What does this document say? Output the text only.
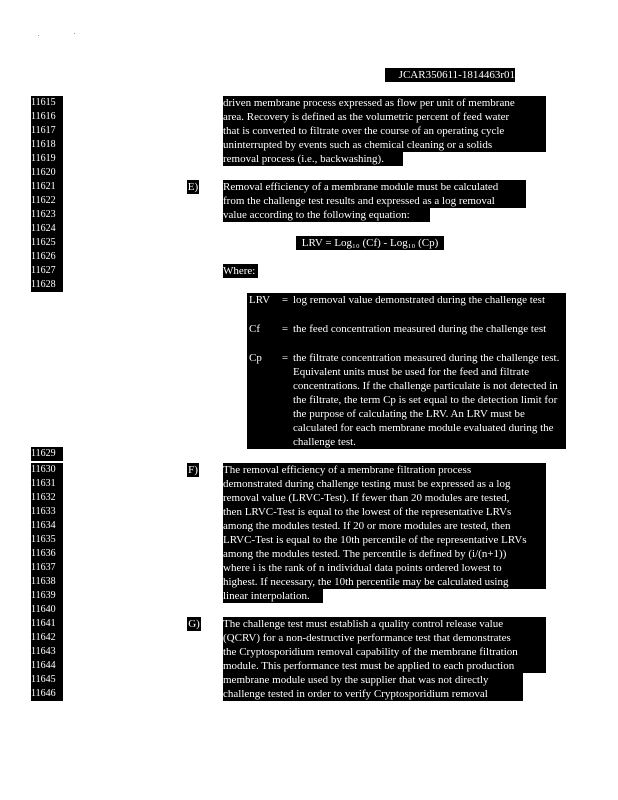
JCAR350611-1814463r01
11615
11616
11617
11618
11619
11620
11621
11622
11623
11624
11625
11626
11627
11628
11629
11630
11631
11632
11633
11634
11635
11636
11637
11638
11639
11640
11641
11642
11643
11644
11645
11646
driven membrane process expressed as flow per unit of membrane
area. Recovery is defined as the volumetric percent of feed water
that is converted to filtrate over the course of an operating cycle
uninterrupted by events such as chemical cleaning or a solids
removal process (i.e., backwashing).
E) Removal efficiency of a membrane module must be calculated
from the challenge test results and expressed as a log removal
value according to the following equation:
LRV = Log₁₀ (Cf) - Log₁₀ (Cp)
Where:
LRV	= log removal value demonstrated during the challenge test
Cf	= the feed concentration measured during the challenge test
Cp	= the filtrate concentration measured during the challenge test. Equivalent units must be used for the feed and filtrate concentrations. If the challenge particulate is not detected in the filtrate, the term Cp is set equal to the detection limit for the purpose of calculating the LRV. An LRV must be calculated for each membrane module evaluated during the challenge test.
F) The removal efficiency of a membrane filtration process
demonstrated during challenge testing must be expressed as a log
removal value (LRVC-Test). If fewer than 20 modules are tested,
then LRVC-Test is equal to the lowest of the representative LRVs
among the modules tested. If 20 or more modules are tested, then
LRVC-Test is equal to the 10th percentile of the representative LRVs
among the modules tested. The percentile is defined by (i/(n+1))
where i is the rank of n individual data points ordered lowest to
highest. If necessary, the 10th percentile may be calculated using
linear interpolation.
G) The challenge test must establish a quality control release value
(QCRV) for a non-destructive performance test that demonstrates
the Cryptosporidium removal capability of the membrane filtration
module. This performance test must be applied to each production
membrane module used by the supplier that was not directly
challenge tested in order to verify Cryptosporidium removal
